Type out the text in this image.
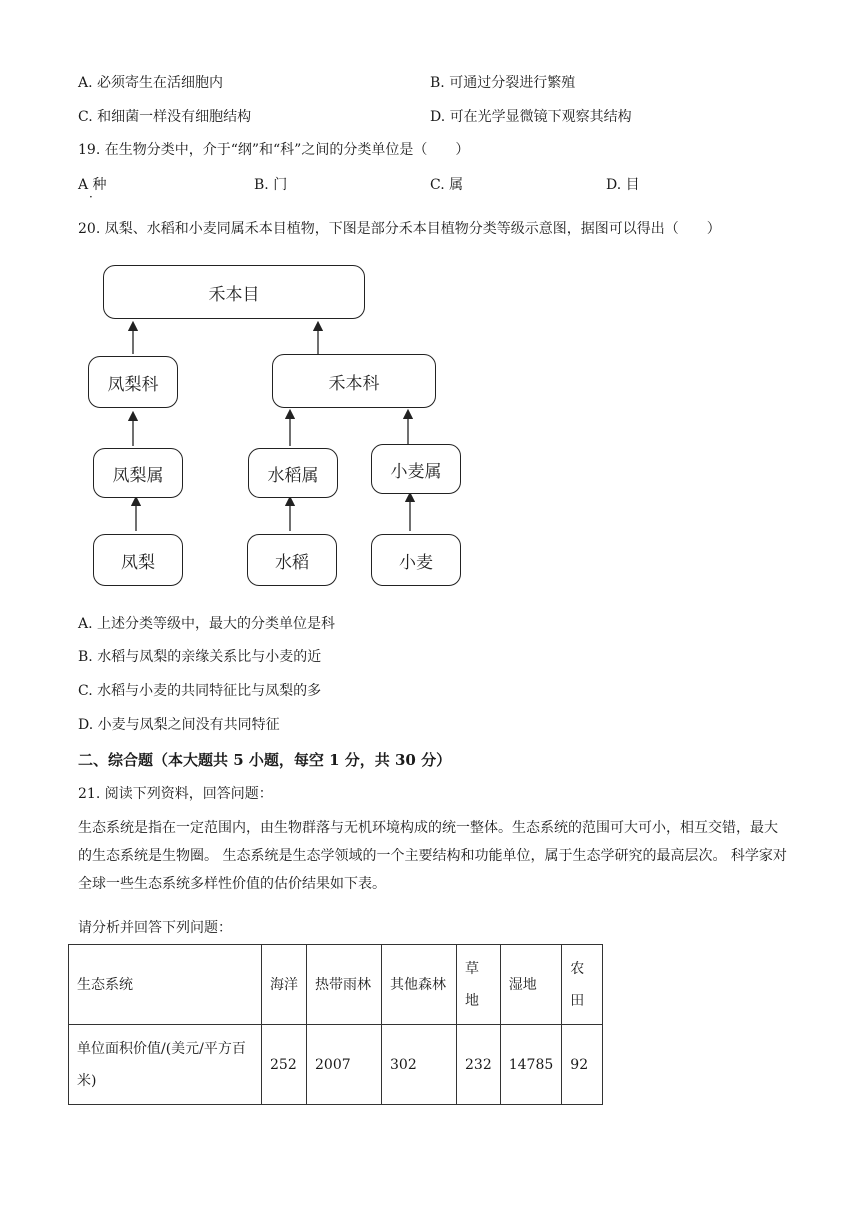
A. 必须寄生在活细胞内	B. 可通过分裂进行繁殖
C. 和细菌一样没有细胞结构	D. 可在光学显微镜下观察其结构
19. 在生物分类中，介于“纲”和“科”之间的分类单位是（　　）
A 种
·
B. 门	C. 属	D. 目
20. 凤梨、水稻和小麦同属禾本目植物，下图是部分禾本目植物分类等级示意图，据图可以得出（　　）
禾本目
凤梨科	禾本科
凤梨属	水稻属	小麦属
凤梨	水稻	小麦
A. 上述分类等级中，最大的分类单位是科
B. 水稻与凤梨的亲缘关系比与小麦的近
C. 水稻与小麦的共同特征比与凤梨的多
D. 小麦与凤梨之间没有共同特征
二、综合题（本大题共 5 小题，每空 1 分，共 30 分）
21. 阅读下列资料，回答问题：
生态系统是指在一定范围内，由生物群落与无机环境构成的统一整体。生态系统的范围可大可小，相互交错，最大的生态系统是生物圈。 生态系统是生态学领域的一个主要结构和功能单位，属于生态学研究的最高层次。 科学家对全球一些生态系统多样性价值的估价结果如下表。
请分析并回答下列问题：
生态系统	海洋	热带雨林	其他森林	草地	湿地	农田
单位面积价值/(美元/平方百米)	252	2007	302	232	14785	92
